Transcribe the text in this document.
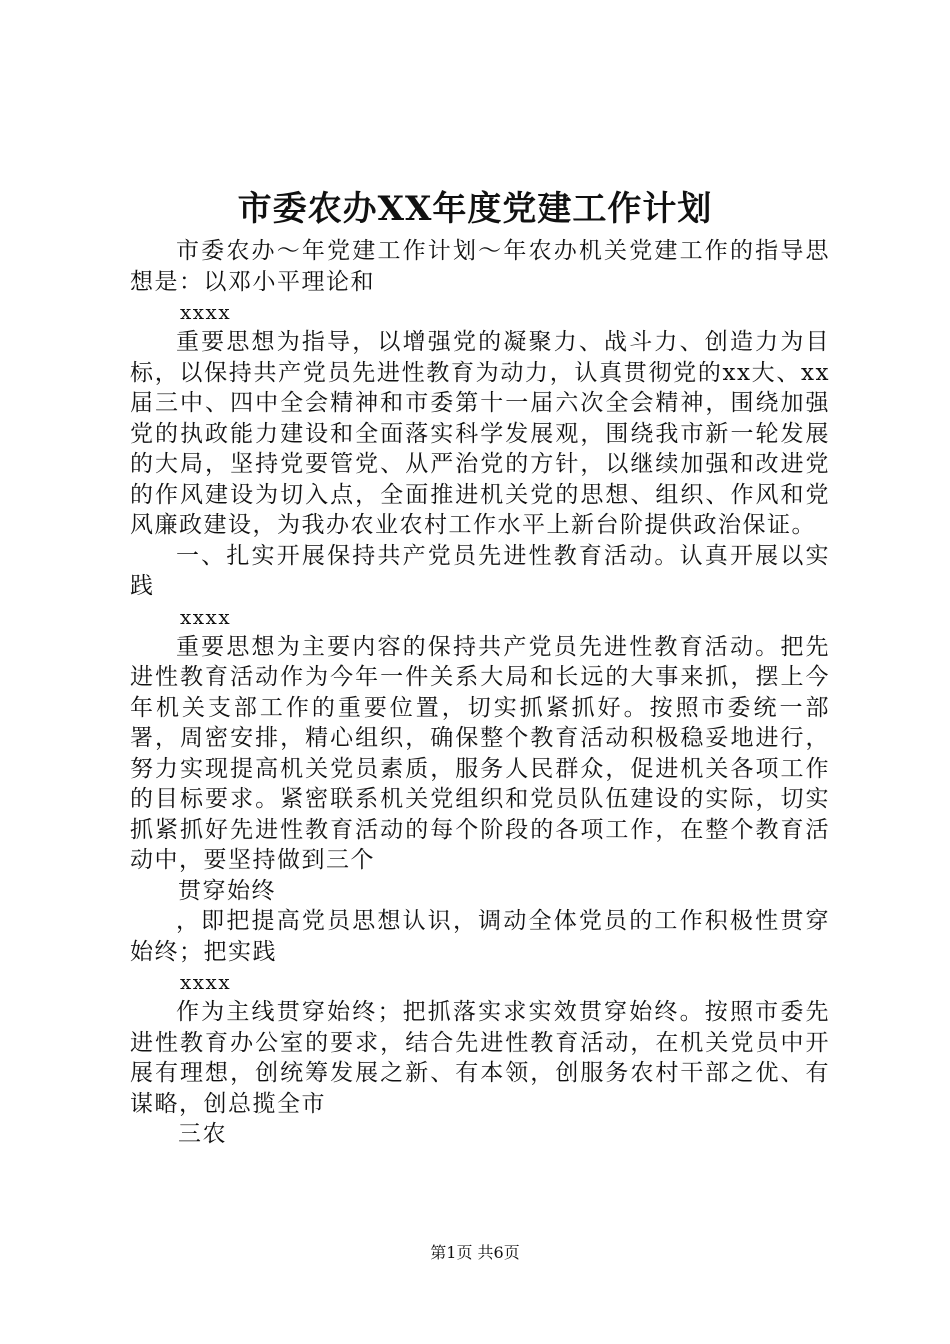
市委农办XX年度党建工作计划

市委农办～年党建工作计划～年农办机关党建工作的指导思想是：以邓小平理论和

xxxx

重要思想为指导，以增强党的凝聚力、战斗力、创造力为目标，以保持共产党员先进性教育为动力，认真贯彻党的xx大、xx届三中、四中全会精神和市委第十一届六次全会精神，围绕加强党的执政能力建设和全面落实科学发展观，围绕我市新一轮发展的大局，坚持党要管党、从严治党的方针，以继续加强和改进党的作风建设为切入点，全面推进机关党的思想、组织、作风和党风廉政建设，为我办农业农村工作水平上新台阶提供政治保证。

一、扎实开展保持共产党员先进性教育活动。认真开展以实践

xxxx

重要思想为主要内容的保持共产党员先进性教育活动。把先进性教育活动作为今年一件关系大局和长远的大事来抓，摆上今年机关支部工作的重要位置，切实抓紧抓好。按照市委统一部署，周密安排，精心组织，确保整个教育活动积极稳妥地进行，努力实现提高机关党员素质，服务人民群众，促进机关各项工作的目标要求。紧密联系机关党组织和党员队伍建设的实际，切实抓紧抓好先进性教育活动的每个阶段的各项工作，在整个教育活动中，要坚持做到三个

贯穿始终

，即把提高党员思想认识，调动全体党员的工作积极性贯穿始终；把实践

xxxx

作为主线贯穿始终；把抓落实求实效贯穿始终。按照市委先进性教育办公室的要求，结合先进性教育活动，在机关党员中开展有理想，创统筹发展之新、有本领，创服务农村干部之优、有谋略，创总揽全市

三农

第1页 共6页
